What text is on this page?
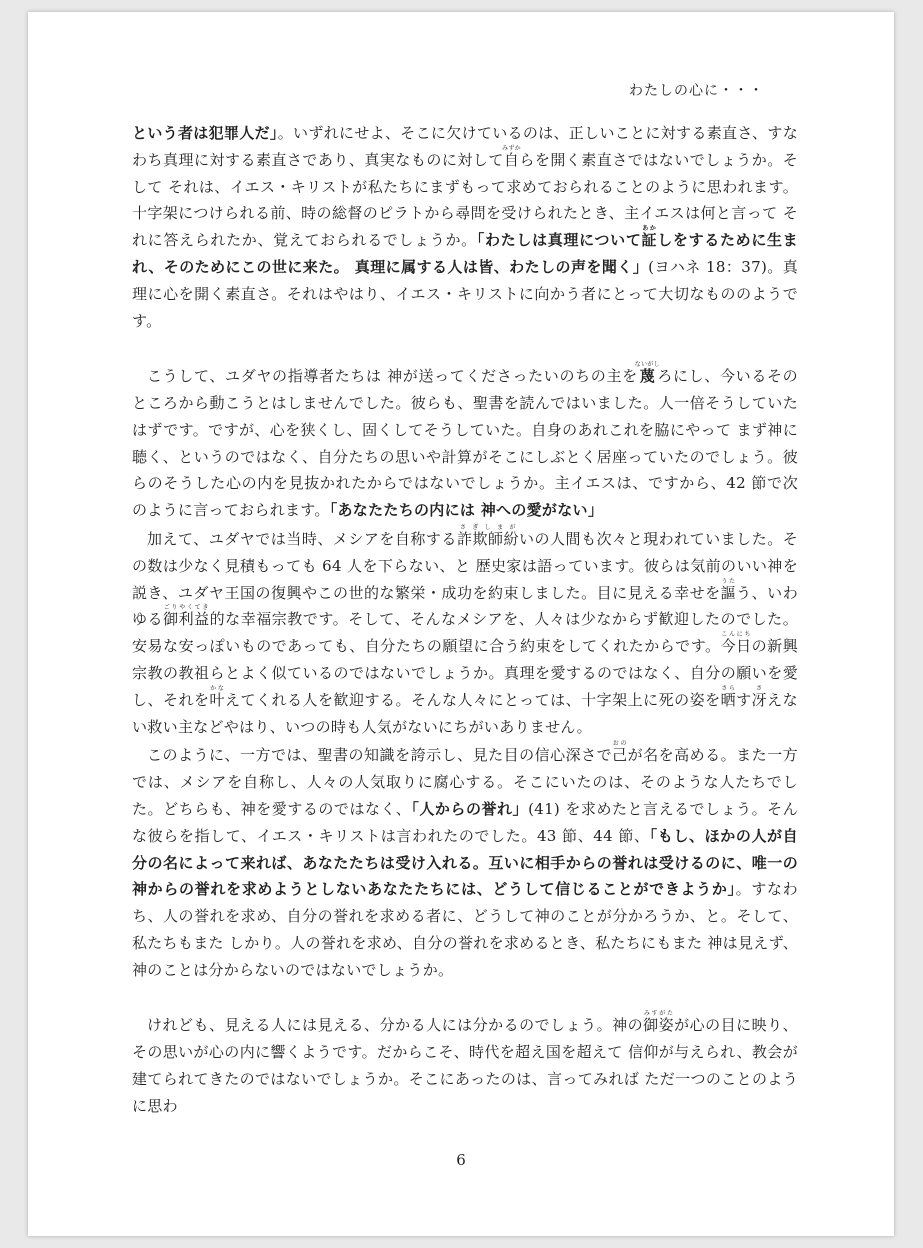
わたしの心に・・・

という者は犯罪人だ」。いずれにせよ、そこに欠けているのは、正しいことに対する素直さ、すなわち真理に対する素直さであり、真実なものに対して自みずからを開く素直さではないでしょうか。そして それは、イエス・キリストが私たちにまずもって求めておられることのように思われます。十字架につけられる前、時の総督のピラトから尋問を受けられたとき、主イエスは何と言って それに答えられたか、覚えておられるでしょうか。「わたしは真理について証あかしをするために生まれ、そのためにこの世に来た。 真理に属する人は皆、わたしの声を聞く」(ヨハネ 18：37)。真理に心を開く素直さ。それはやはり、イエス・キリストに向かう者にとって大切なもののようです。

こうして、ユダヤの指導者たちは 神が送ってくださったいのちの主を蔑ないがしろにし、今いるそのところから動こうとはしませんでした。彼らも、聖書を読んではいました。人一倍そうしていたはずです。ですが、心を狭くし、固くしてそうしていた。自身のあれこれを脇にやって まず神に聴く、というのではなく、自分たちの思いや計算がそこにしぶとく居座っていたのでしょう。彼らのそうした心の内を見抜かれたからではないでしょうか。主イエスは、ですから、42 節で次のように言っておられます。「あなたたちの内には 神への愛がない」

加えて、ユダヤでは当時、メシアを自称する詐欺師紛さぎしまがいの人間も次々と現われていました。その数は少なく見積もっても 64 人を下らない、と 歴史家は語っています。彼らは気前のいい神を説き、ユダヤ王国の復興やこの世的な繁栄・成功を約束しました。目に見える幸せを謳うたう、いわゆる御利益ごりやくてき的な幸福宗教です。そして、そんなメシアを、人々は少なからず歓迎したのでした。安易な安っぽいものであっても、自分たちの願望に合う約束をしてくれたからです。今日こんにちの新興宗教の教祖らとよく似ているのではないでしょうか。真理を愛するのではなく、自分の願いを愛し、それを叶かなえてくれる人を歓迎する。そんな人々にとっては、十字架上に死の姿を晒さらす冴さえない救い主などやはり、いつの時も人気がないにちがいありません。

このように、一方では、聖書の知識を誇示し、見た目の信心深さで己おのが名を高める。また一方では、メシアを自称し、人々の人気取りに腐心する。そこにいたのは、そのような人たちでした。どちらも、神を愛するのではなく、「人からの誉れ」(41) を求めたと言えるでしょう。そんな彼らを指して、イエス・キリストは言われたのでした。43 節、44 節、「もし、ほかの人が自分の名によって来れば、あなたたちは受け入れる。互いに相手からの誉れは受けるのに、唯一の神からの誉れを求めようとしないあなたたちには、どうして信じることができようか」。すなわち、人の誉れを求め、自分の誉れを求める者に、どうして神のことが分かろうか、と。そして、私たちもまた しかり。人の誉れを求め、自分の誉れを求めるとき、私たちにもまた 神は見えず、神のことは分からないのではないでしょうか。

けれども、見える人には見える、分かる人には分かるのでしょう。神の御姿みすがたが心の目に映り、その思いが心の内に響くようです。だからこそ、時代を超え国を超えて 信仰が与えられ、教会が建てられてきたのではないでしょうか。そこにあったのは、言ってみれば ただ一つのことのように思わ

6
